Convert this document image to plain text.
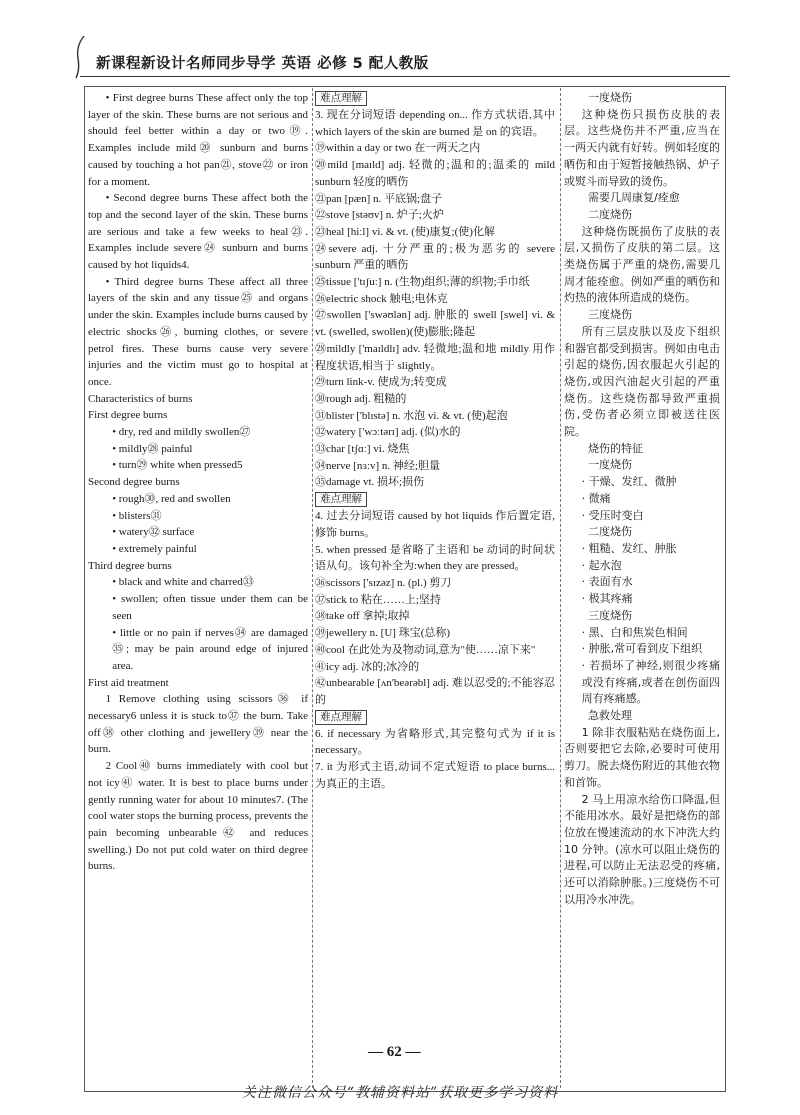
新课程新设计名师同步导学 英语 必修 5 配人教版

• First degree burns These affect only the top layer of the skin. These burns are not serious and should feel better within a day or two⑲. Examples include mild⑳ sunburn and burns caused by touching a hot pan㉑, stove㉒ or iron for a moment.

• Second degree burns These affect both the top and the second layer of the skin. These burns are serious and take a few weeks to heal㉓. Examples include severe㉔ sunburn and burns caused by hot liquids4.

• Third degree burns These affect all three layers of the skin and any tissue㉕ and organs under the skin. Examples include burns caused by electric shocks㉖, burning clothes, or severe petrol fires. These burns cause very severe injuries and the victim must go to hospital at once.

Characteristics of burns

First degree burns

• dry, red and mildly swollen㉗

• mildly㉘ painful

• turn㉙ white when pressed5

Second degree burns

• rough㉚, red and swollen

• blisters㉛

• watery㉜ surface

• extremely painful

Third degree burns

• black and white and charred㉝

• swollen; often tissue under them can be seen

• little or no pain if nerves㉞ are damaged㉟; may be pain around edge of injured area.

First aid treatment

1 Remove clothing using scissors㊱ if necessary6 unless it is stuck to㊲ the burn. Take off㊳ other clothing and jewellery㊴ near the burn.

2 Cool㊵ burns immediately with cool but not icy㊶ water. It is best to place burns under gently running water for about 10 minutes7. (The cool water stops the burning process, prevents the pain becoming unbearable㊷ and reduces swelling.) Do not put cold water on third degree burns.

难点理解

3. 现在分词短语 depending on... 作方式状语,其中 which layers of the skin are burned 是 on 的宾语。

⑲within a day or two 在一两天之内

⑳mild [maɪld] adj. 轻微的;温和的;温柔的 mild sunburn 轻度的晒伤

㉑pan [pæn] n. 平底锅;盘子

㉒stove [stəʊv] n. 炉子;火炉

㉓heal [hiːl] vi. & vt. (使)康复;(使)化解

㉔severe adj. 十分严重的;极为恶劣的 severe sunburn 严重的晒伤

㉕tissue ['tɪʃuː] n. (生物)组织;薄的织物;手巾纸

㉖electric shock 触电;电休克

㉗swollen ['swəʊlən] adj. 肿胀的 swell [swel] vi. & vt. (swelled, swollen)(使)膨胀;隆起

㉘mildly ['maɪldlɪ] adv. 轻微地;温和地 mildly 用作程度状语,相当于 slightly。

㉙turn link-v. 使成为;转变成

㉚rough adj. 粗糙的

㉛blister ['blɪstə] n. 水泡 vi. & vt. (使)起泡

㉜watery ['wɔːtərɪ] adj. (似)水的

㉝char [tʃɑː] vi. 烧焦

㉞nerve [nɜːv] n. 神经;胆量

㉟damage vt. 损坏;损伤

难点理解

4. 过去分词短语 caused by hot liquids 作后置定语,修饰 burns。

5. when pressed 是省略了主语和 be 动词的时间状语从句。该句补全为:when they are pressed。

㊱scissors ['sɪzəz] n. (pl.) 剪刀

㊲stick to 粘在……上;坚持

㊳take off 拿掉;取掉

㊴jewellery n. [U] 珠宝(总称)

㊵cool 在此处为及物动词,意为"使……凉下来"

㊶icy adj. 冰的;冰冷的

㊷unbearable [ʌn'beərəbl] adj. 难以忍受的;不能容忍的

难点理解

6. if necessary 为省略形式,其完整句式为 if it is necessary。

7. it 为形式主语,动词不定式短语 to place burns... 为真正的主语。

一度烧伤

这种烧伤只损伤皮肤的表层。这些烧伤并不严重,应当在一两天内就有好转。例如轻度的晒伤和由于短暂接触热锅、炉子或熨斗而导致的烫伤。

需要几周康复/痊愈

二度烧伤

这种烧伤既损伤了皮肤的表层,又损伤了皮肤的第二层。这类烧伤属于严重的烧伤,需要几周才能痊愈。例如严重的晒伤和灼热的液体所造成的烧伤。

三度烧伤

所有三层皮肤以及皮下组织和器官都受到损害。例如由电击引起的烧伤,因衣服起火引起的烧伤,或因汽油起火引起的严重烧伤。这些烧伤都导致严重损伤,受伤者必须立即被送往医院。

烧伤的特征

一度烧伤

· 干燥、发红、微肿

· 微痛

· 受压时变白

二度烧伤

· 粗糙、发红、肿胀

· 起水泡

· 表面有水

· 极其疼痛

三度烧伤

· 黑、白和焦炭色相间

· 肿胀,常可看到皮下组织

· 若损坏了神经,则很少疼痛或没有疼痛,或者在创伤面四周有疼痛感。

急救处理

1 除非衣服粘贴在烧伤面上,否则要把它去除,必要时可使用剪刀。脱去烧伤附近的其他衣物和首饰。

2 马上用凉水给伤口降温,但不能用冰水。最好是把烧伤的部位放在慢速流动的水下冲洗大约 10 分钟。(凉水可以阻止烧伤的进程,可以防止无法忍受的疼痛,还可以消除肿胀。)三度烧伤不可以用冷水冲洗。

— 62 —
关注微信公众号“教辅资料站”获取更多学习资料
